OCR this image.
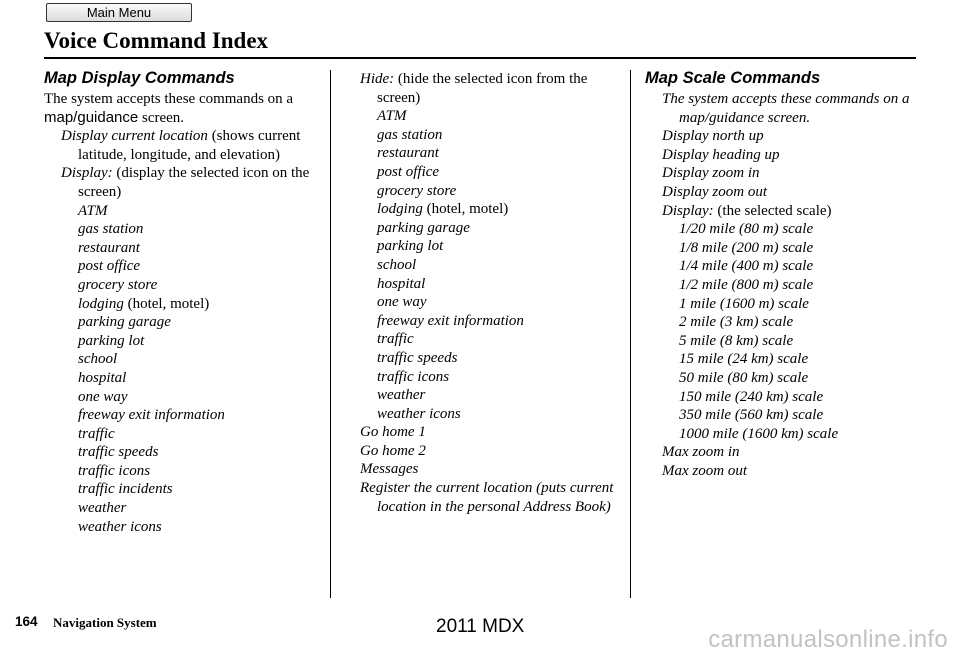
Main Menu
Voice Command Index
Map Display Commands

The system accepts these commands on a map/guidance screen.

Display current location (shows current latitude, longitude, and elevation)

Display: (display the selected icon on the screen)

ATM

gas station

restaurant

post office

grocery store

lodging (hotel, motel)

parking garage

parking lot

school

hospital

one way

freeway exit information

traffic

traffic speeds

traffic icons

traffic incidents

weather

weather icons

Hide: (hide the selected icon from the screen)

ATM

gas station

restaurant

post office

grocery store

lodging (hotel, motel)

parking garage

parking lot

school

hospital

one way

freeway exit information

traffic

traffic speeds

traffic icons

weather

weather icons

Go home 1

Go home 2

Messages

Register the current location (puts current location in the personal Address Book)

Map Scale Commands

The system accepts these commands on a map/guidance screen.

Display north up

Display heading up

Display zoom in

Display zoom out

Display: (the selected scale)

1/20 mile (80 m) scale

1/8 mile (200 m) scale

1/4 mile (400 m) scale

1/2 mile (800 m) scale

1 mile (1600 m) scale

2 mile (3 km) scale

5 mile (8 km) scale

15 mile (24 km) scale

50 mile (80 km) scale

150 mile (240 km) scale

350 mile (560 km) scale

1000 mile (1600 km) scale

Max zoom in

Max zoom out

164 Navigation System	2011 MDX	carmanualsonline.info
